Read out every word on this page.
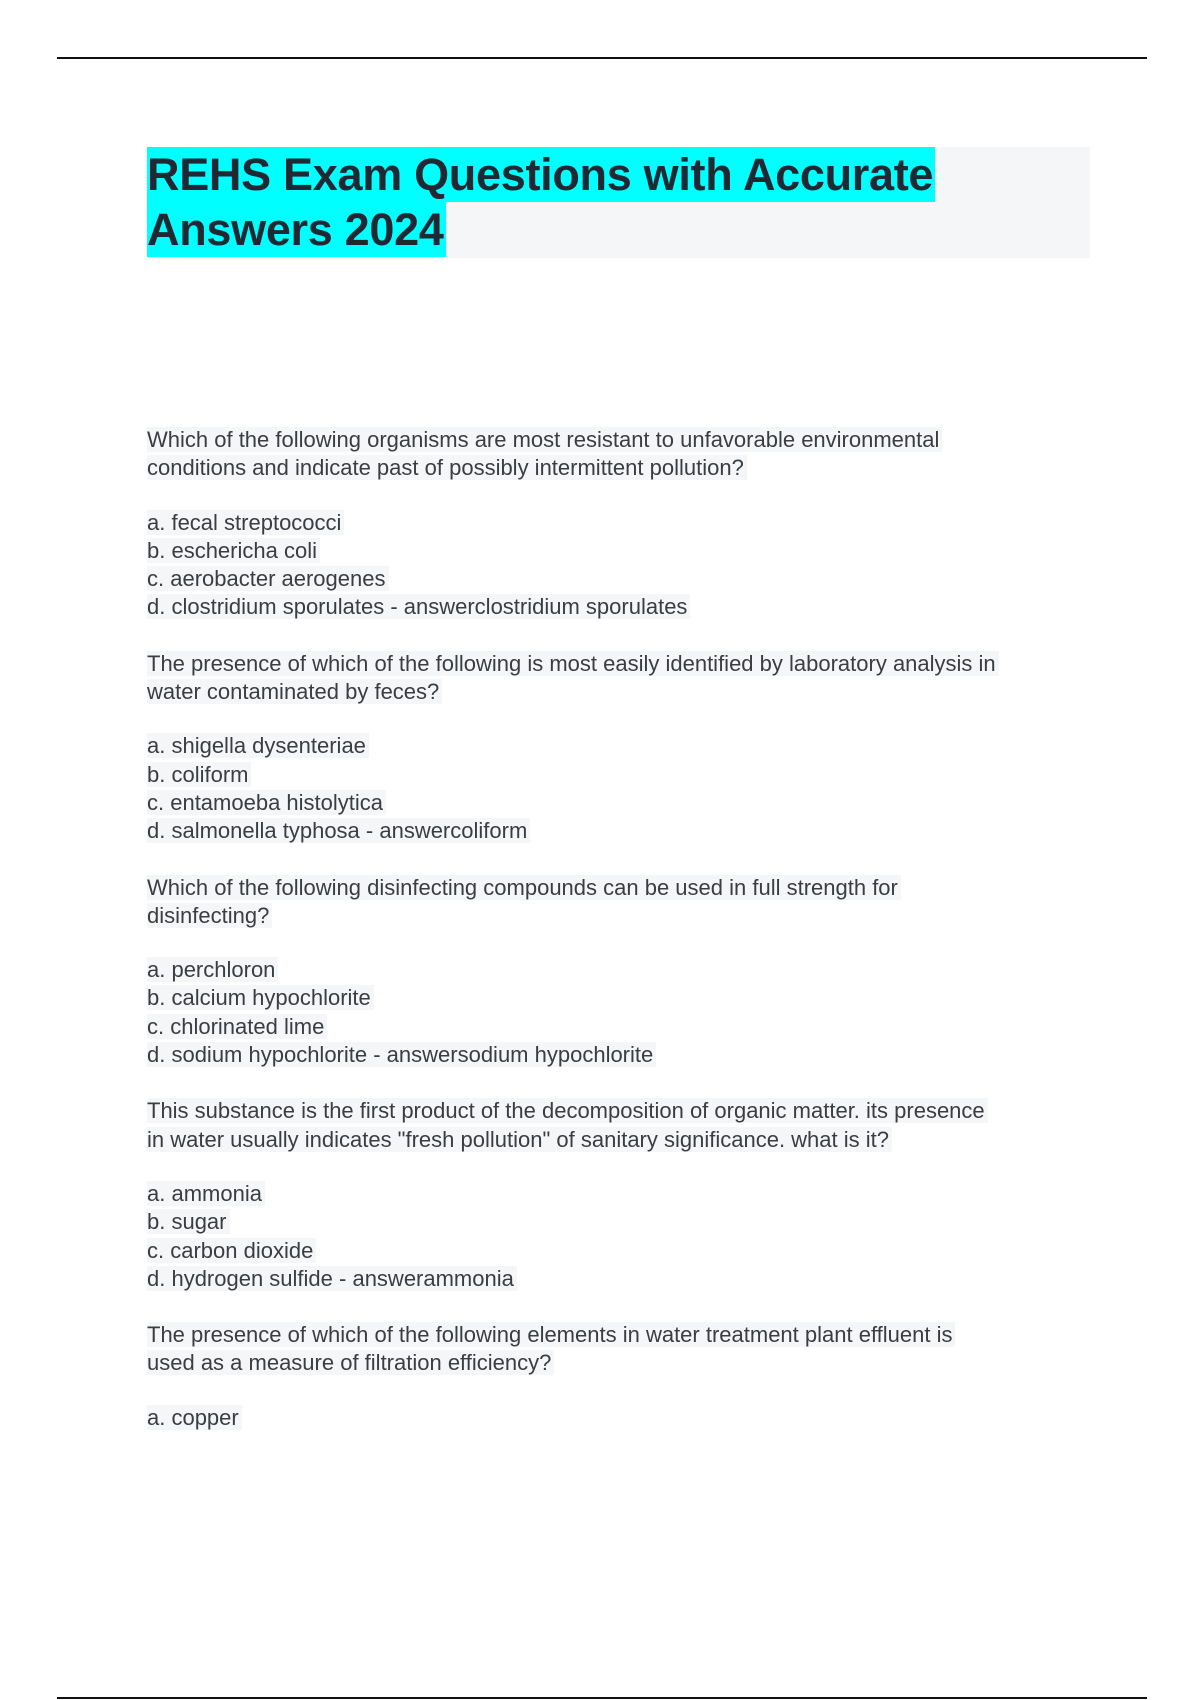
REHS Exam Questions with Accurate
Answers 2024
Which of the following organisms are most resistant to unfavorable environmental
conditions and indicate past of possibly intermittent pollution?
a. fecal streptococci
b. eschericha coli
c. aerobacter aerogenes
d. clostridium sporulates - answerclostridium sporulates
The presence of which of the following is most easily identified by laboratory analysis in
water contaminated by feces?
a. shigella dysenteriae
b. coliform
c. entamoeba histolytica
d. salmonella typhosa - answercoliform
Which of the following disinfecting compounds can be used in full strength for
disinfecting?
a. perchloron
b. calcium hypochlorite
c. chlorinated lime
d. sodium hypochlorite - answersodium hypochlorite
This substance is the first product of the decomposition of organic matter. its presence
in water usually indicates "fresh pollution" of sanitary significance. what is it?
a. ammonia
b. sugar
c. carbon dioxide
d. hydrogen sulfide - answerammonia
The presence of which of the following elements in water treatment plant effluent is
used as a measure of filtration efficiency?
a. copper
